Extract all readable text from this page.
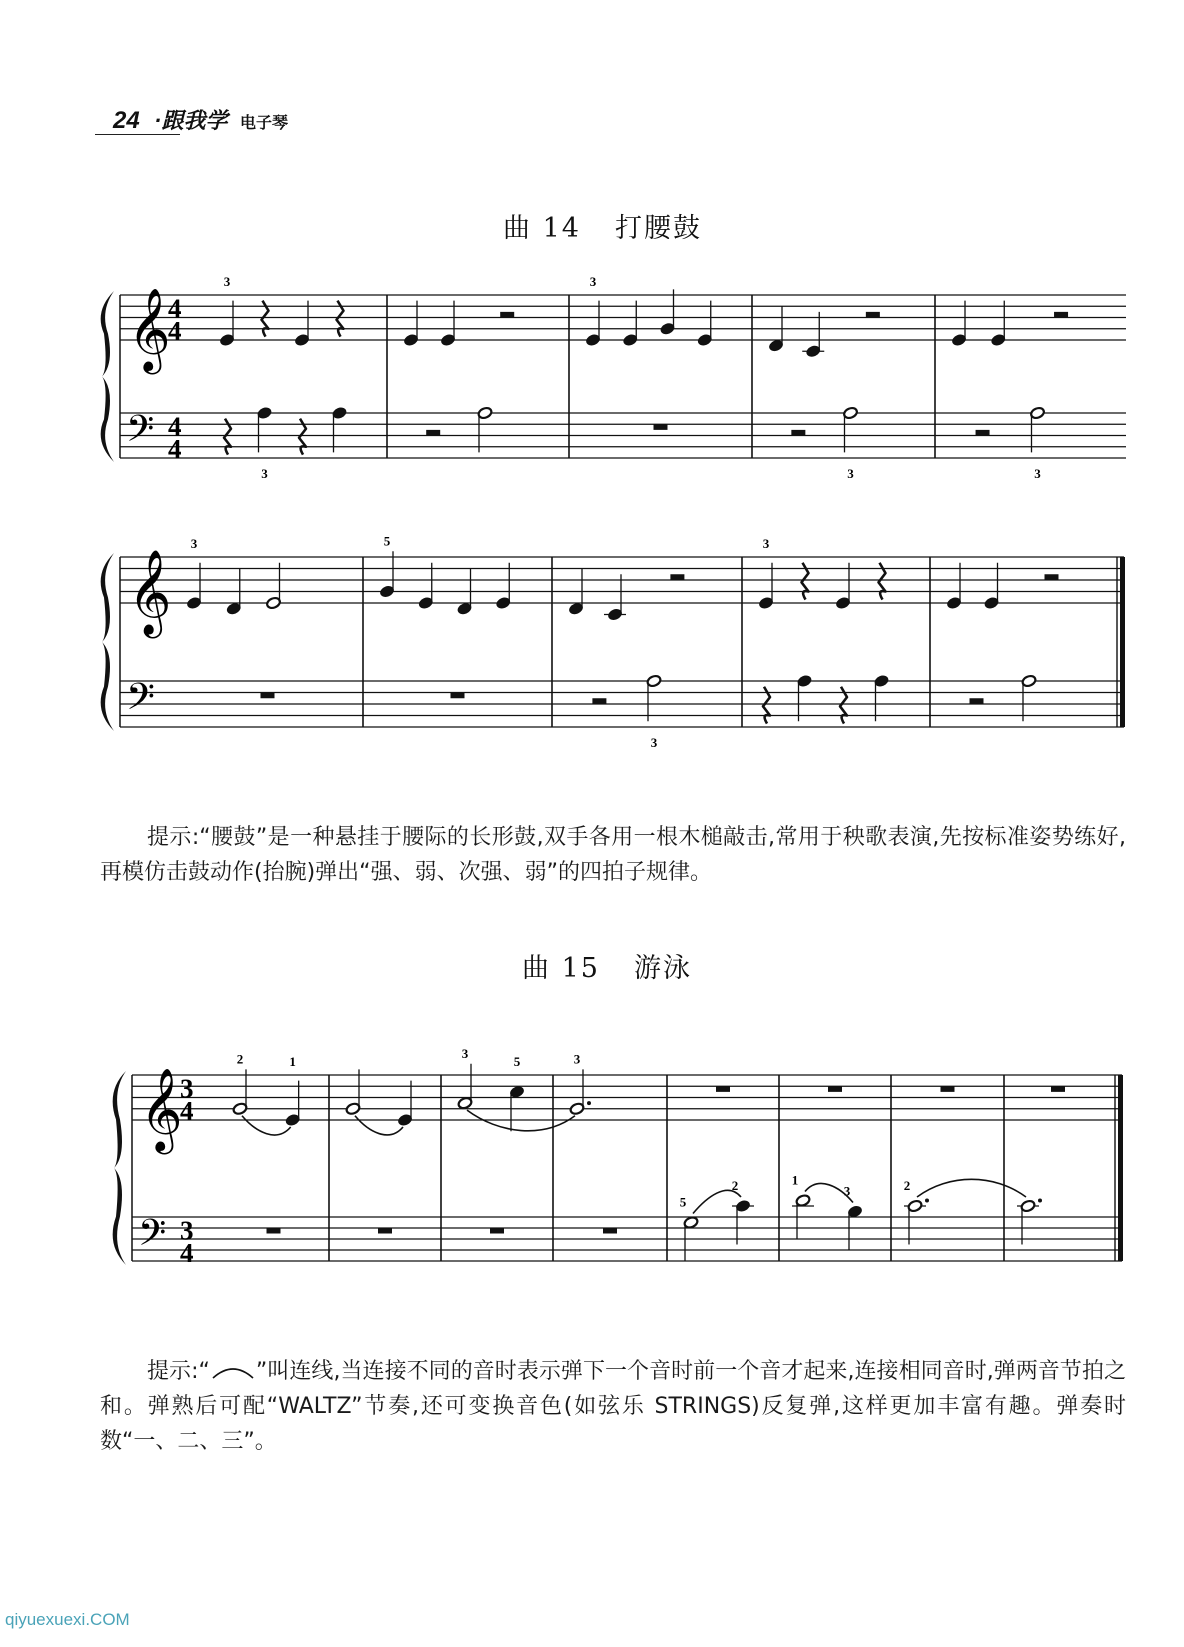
24 ·跟我学 电子琴
曲 14 打腰鼓
曲 15 游泳
𝄞
𝄢
4
4
4
4
3	3
3	3	3
𝄞
𝄢
3	5	3
3
𝄞
𝄢
3
4
3
4
2	1
3
5	3
5
2	1
3	2
提示:“腰鼓”是一种悬挂于腰际的长形鼓,双手各用一根木槌敲击,常用于秧歌表演,先按标准姿势练好,再模仿击鼓动作(抬腕)弹出“强、弱、次强、弱”的四拍子规律。
提示:“ ”叫连线,当连接不同的音时表示弹下一个音时前一个音才起来,连接相同音时,弹两音节拍之和。弹熟后可配“WALTZ”节奏,还可变换音色(如弦乐 STRINGS)反复弹,这样更加丰富有趣。弹奏时数“一、二、三”。
qiyuexuexi.COM
